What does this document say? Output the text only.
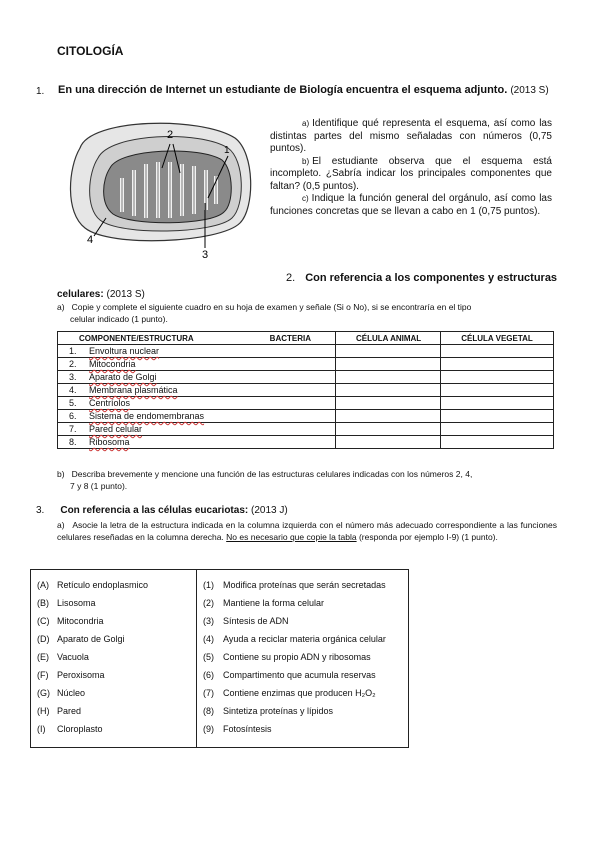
CITOLOGÍA
1. En una dirección de Internet un estudiante de Biología encuentra el esquema adjunto. (2013 S)
2
1
3
4

a) Identifique qué representa el esquema, así como las distintas partes del mismo señaladas con números (0,75 puntos).

b) El estudiante observa que el esquema está incompleto. ¿Sabría indicar los principales componentes que faltan? (0,5 puntos).

c) Indique la función general del orgánulo, así como las funciones concretas que se llevan a cabo en 1 (0,75 puntos).

2. Con referencia a los componentes y estructuras
celulares: (2013 S)
a) Copie y complete el siguiente cuadro en su hoja de examen y señale (Si o No), si se encontraría en el tipo
celular indicado (1 punto).
COMPONENTE/ESTRUCTURA BACTERIA	CÉLULA ANIMAL	CÉLULA VEGETAL
1. Envoltura nuclear		
2. Mitocondria		
3. Aparato de Golgi		
4. Membrana plasmática		
5. Centríolos		
6. Sistema de endomembranas		
7. Pared celular		
8. Ribosoma		
b) Describa brevemente y mencione una función de las estructuras celulares indicadas con los números 2, 4,
7 y 8 (1 punto).
3. Con referencia a las células eucariotas: (2013 J)
a) Asocie la letra de la estructura indicada en la columna izquierda con el número más adecuado correspondiente a las funciones celulares reseñadas en la columna derecha. No es necesario que copie la tabla (responda por ejemplo I-9) (1 punto).
(A) Retículo endoplasmico
(B) Lisosoma
(C) Mitocondria
(D) Aparato de Golgi
(E) Vacuola
(F) Peroxisoma
(G) Núcleo
(H) Pared
(I) Cloroplasto
(1) Modifica proteínas que serán secretadas
(2) Mantiene la forma celular
(3) Síntesis de ADN
(4) Ayuda a reciclar materia orgánica celular
(5) Contiene su propio ADN y ribosomas
(6) Compartimento que acumula reservas
(7) Contiene enzimas que producen H₂O₂
(8) Sintetiza proteínas y lípidos
(9) Fotosíntesis
